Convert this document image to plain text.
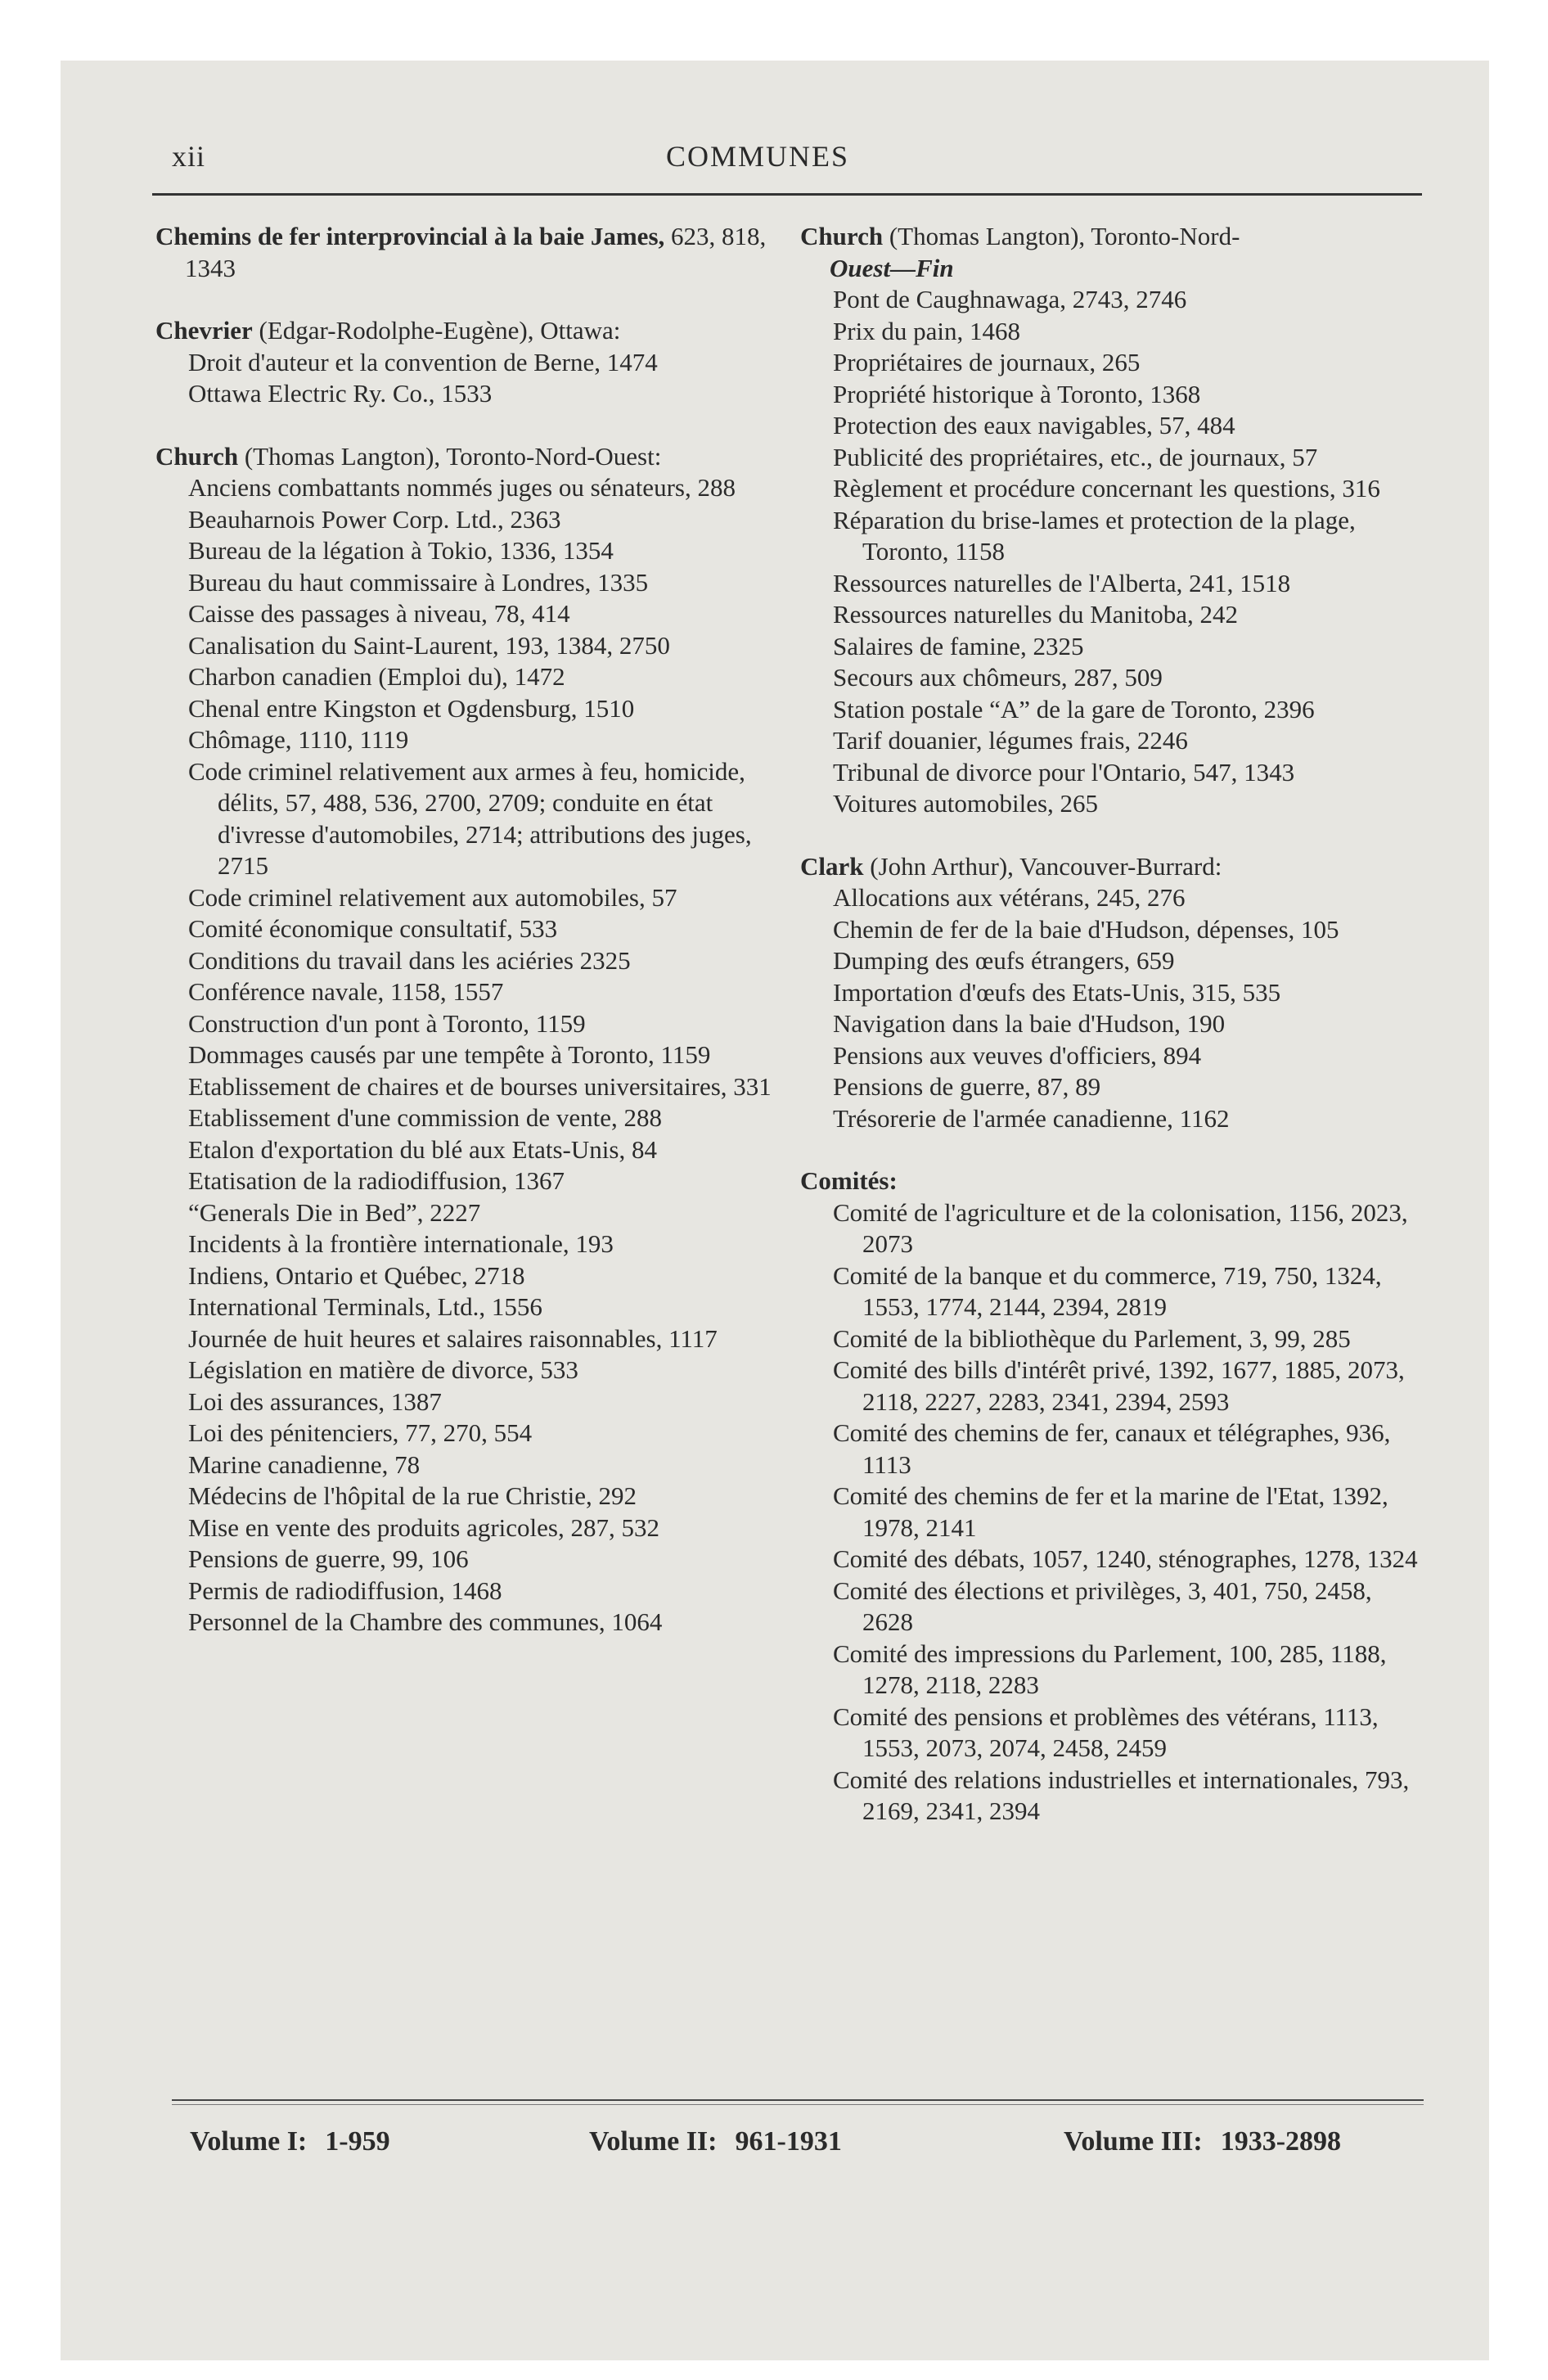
xii	COMMUNES
Chemins de fer interprovincial à la baie James, 623, 818, 1343
Chevrier (Edgar-Rodolphe-Eugène), Ottawa:
Droit d'auteur et la convention de Berne, 1474
Ottawa Electric Ry. Co., 1533
Church (Thomas Langton), Toronto-Nord-Ouest:
Anciens combattants nommés juges ou sénateurs, 288
Beauharnois Power Corp. Ltd., 2363
Bureau de la légation à Tokio, 1336, 1354
Bureau du haut commissaire à Londres, 1335
Caisse des passages à niveau, 78, 414
Canalisation du Saint-Laurent, 193, 1384, 2750
Charbon canadien (Emploi du), 1472
Chenal entre Kingston et Ogdensburg, 1510
Chômage, 1110, 1119
Code criminel relativement aux armes à feu, homicide, délits, 57, 488, 536, 2700, 2709; conduite en état d'ivresse d'automobiles, 2714; attributions des juges, 2715
Code criminel relativement aux automobiles, 57
Comité économique consultatif, 533
Conditions du travail dans les aciéries 2325
Conférence navale, 1158, 1557
Construction d'un pont à Toronto, 1159
Dommages causés par une tempête à Toronto, 1159
Etablissement de chaires et de bourses universitaires, 331
Etablissement d'une commission de vente, 288
Etalon d'exportation du blé aux Etats-Unis, 84
Etatisation de la radiodiffusion, 1367
“Generals Die in Bed”, 2227
Incidents à la frontière internationale, 193
Indiens, Ontario et Québec, 2718
International Terminals, Ltd., 1556
Journée de huit heures et salaires raisonnables, 1117
Législation en matière de divorce, 533
Loi des assurances, 1387
Loi des pénitenciers, 77, 270, 554
Marine canadienne, 78
Médecins de l'hôpital de la rue Christie, 292
Mise en vente des produits agricoles, 287, 532
Pensions de guerre, 99, 106
Permis de radiodiffusion, 1468
Personnel de la Chambre des communes, 1064
Church (Thomas Langton), Toronto-Nord-
Ouest—Fin
Pont de Caughnawaga, 2743, 2746
Prix du pain, 1468
Propriétaires de journaux, 265
Propriété historique à Toronto, 1368
Protection des eaux navigables, 57, 484
Publicité des propriétaires, etc., de journaux, 57
Règlement et procédure concernant les questions, 316
Réparation du brise-lames et protection de la plage, Toronto, 1158
Ressources naturelles de l'Alberta, 241, 1518
Ressources naturelles du Manitoba, 242
Salaires de famine, 2325
Secours aux chômeurs, 287, 509
Station postale “A” de la gare de Toronto, 2396
Tarif douanier, légumes frais, 2246
Tribunal de divorce pour l'Ontario, 547, 1343
Voitures automobiles, 265
Clark (John Arthur), Vancouver-Burrard:
Allocations aux vétérans, 245, 276
Chemin de fer de la baie d'Hudson, dépenses, 105
Dumping des œufs étrangers, 659
Importation d'œufs des Etats-Unis, 315, 535
Navigation dans la baie d'Hudson, 190
Pensions aux veuves d'officiers, 894
Pensions de guerre, 87, 89
Trésorerie de l'armée canadienne, 1162
Comités:
Comité de l'agriculture et de la colonisation, 1156, 2023, 2073
Comité de la banque et du commerce, 719, 750, 1324, 1553, 1774, 2144, 2394, 2819
Comité de la bibliothèque du Parlement, 3, 99, 285
Comité des bills d'intérêt privé, 1392, 1677, 1885, 2073, 2118, 2227, 2283, 2341, 2394, 2593
Comité des chemins de fer, canaux et télégraphes, 936, 1113
Comité des chemins de fer et la marine de l'Etat, 1392, 1978, 2141
Comité des débats, 1057, 1240, sténographes, 1278, 1324
Comité des élections et privilèges, 3, 401, 750, 2458, 2628
Comité des impressions du Parlement, 100, 285, 1188, 1278, 2118, 2283
Comité des pensions et problèmes des vétérans, 1113, 1553, 2073, 2074, 2458, 2459
Comité des relations industrielles et internationales, 793, 2169, 2341, 2394
Volume I: 1-959	Volume II: 961-1931	Volume III: 1933-2898
